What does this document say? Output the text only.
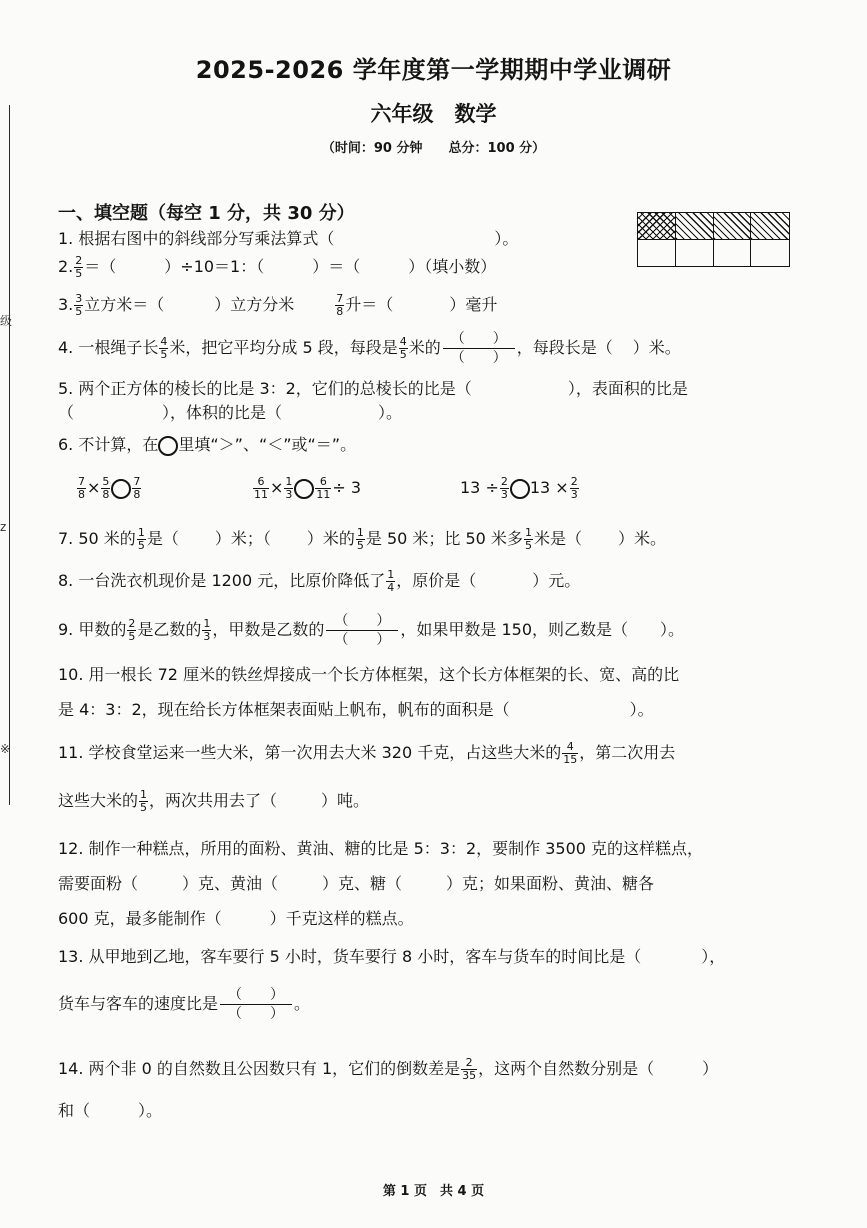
级
z
※
2025-2026 学年度第一学期期中学业调研
六年级　数学
（时间：90 分钟　　总分：100 分）
一、填空题（每空 1 分，共 30 分）
1. 根据右图中的斜线部分写乘法算式（	）。
2. $\frac{2}{5}$ ＝（	）÷10＝1：（	）＝（	）（填小数）
3. $\frac{3}{5}$ 立方米＝（	）立方分米	$\frac{7}{8}$ 升＝（	）毫升
4. 一根绳子长 $\frac{4}{5}$ 米，把它平均分成 5 段，每段是 $\frac{4}{5}$ 米的 （　　）
（　　）
，每段长是（ ）米。
5. 两个正方体的棱长的比是 3：2，它们的总棱长的比是（	），表面积的比是
（	），体积的比是（	）。
6. 不计算，在 里填“＞”、“＜”或“＝”。
$\frac{7}{8} \times \frac{5}{8} \frac{7}{8}$	$\frac{6}{11} \times \frac{1}{3} \frac{6}{11} \div 3$	$13 \div \frac{2}{3} 13 \times \frac{2}{3}$
7. 50 米的 $\frac{1}{5}$ 是（ ）米；（ ）米的 $\frac{1}{5}$ 是 50 米；比 50 米多 $\frac{1}{5}$ 米是（ ）米。
8. 一台洗衣机现价是 1200 元，比原价降低了 $\frac{1}{4}$ ，原价是（	）元。
9. 甲数的 $\frac{2}{5}$ 是乙数的 $\frac{1}{3}$ ，甲数是乙数的 （　　）
（　　）
，如果甲数是 150，则乙数是（ ）。
10. 用一根长 72 厘米的铁丝焊接成一个长方体框架，这个长方体框架的长、宽、高的比
是 4：3：2，现在给长方体框架表面贴上帆布，帆布的面积是（	）。
11. 学校食堂运来一些大米，第一次用去大米 320 千克，占这些大米的 $\frac{4}{15}$ ，第二次用去
这些大米的 $\frac{1}{5}$ ，两次共用去了（	）吨。
12. 制作一种糕点，所用的面粉、黄油、糖的比是 5：3：2，要制作 3500 克的这样糕点，
需要面粉（	）克、黄油（	）克、糖（	）克；如果面粉、黄油、糖各
600 克，最多能制作（	）千克这样的糕点。
13. 从甲地到乙地，客车要行 5 小时，货车要行 8 小时，客车与货车的时间比是（	），
货车与客车的速度比是 （　　）
（　　）
。
14. 两个非 0 的自然数且公因数只有 1，它们的倒数差是 $\frac{2}{35}$ ，这两个自然数分别是（	）
和（	）。
第 1 页　共 4 页
